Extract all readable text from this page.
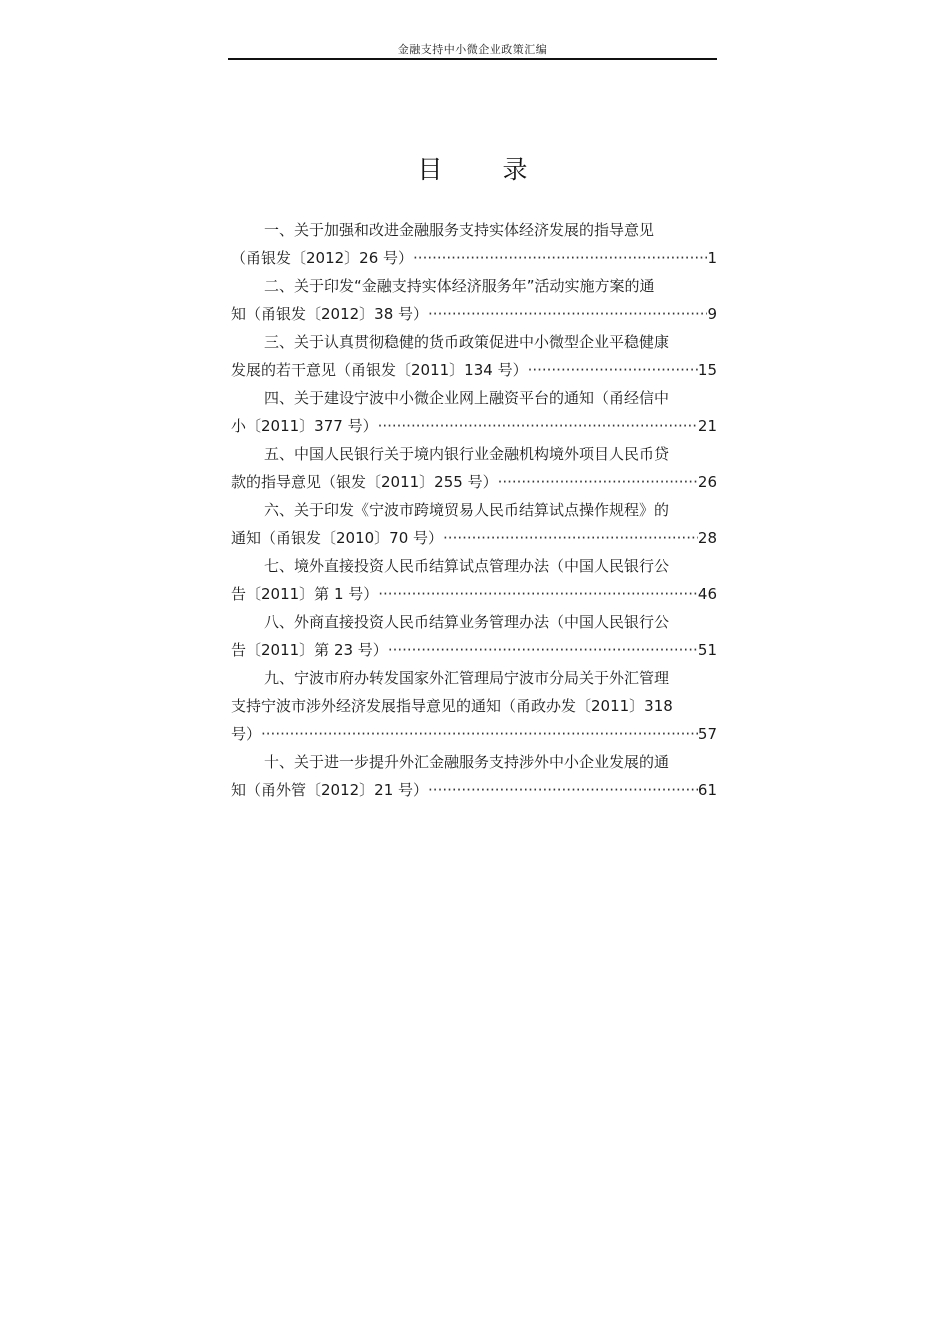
金融支持中小微企业政策汇编
目 录
一、关于加强和改进金融服务支持实体经济发展的指导意见
（甬银发〔2012〕26 号） ·····	1
二、关于印发“金融支持实体经济服务年”活动实施方案的通
知（甬银发〔2012〕38 号） ·····	9
三、关于认真贯彻稳健的货币政策促进中小微型企业平稳健康
发展的若干意见（甬银发〔2011〕134 号） ·····	15
四、关于建设宁波中小微企业网上融资平台的通知（甬经信中
小〔2011〕377 号） ·····	21
五、中国人民银行关于境内银行业金融机构境外项目人民币贷
款的指导意见（银发〔2011〕255 号） ·····	26
六、关于印发《宁波市跨境贸易人民币结算试点操作规程》的
通知（甬银发〔2010〕70 号） ·····	28
七、境外直接投资人民币结算试点管理办法（中国人民银行公
告〔2011〕第 1 号） ·····	46
八、外商直接投资人民币结算业务管理办法（中国人民银行公
告〔2011〕第 23 号） ·····	51
九、宁波市府办转发国家外汇管理局宁波市分局关于外汇管理
支持宁波市涉外经济发展指导意见的通知（甬政办发〔2011〕318
号） ·····	57
十、关于进一步提升外汇金融服务支持涉外中小企业发展的通
知（甬外管〔2012〕21 号） ·····	61
